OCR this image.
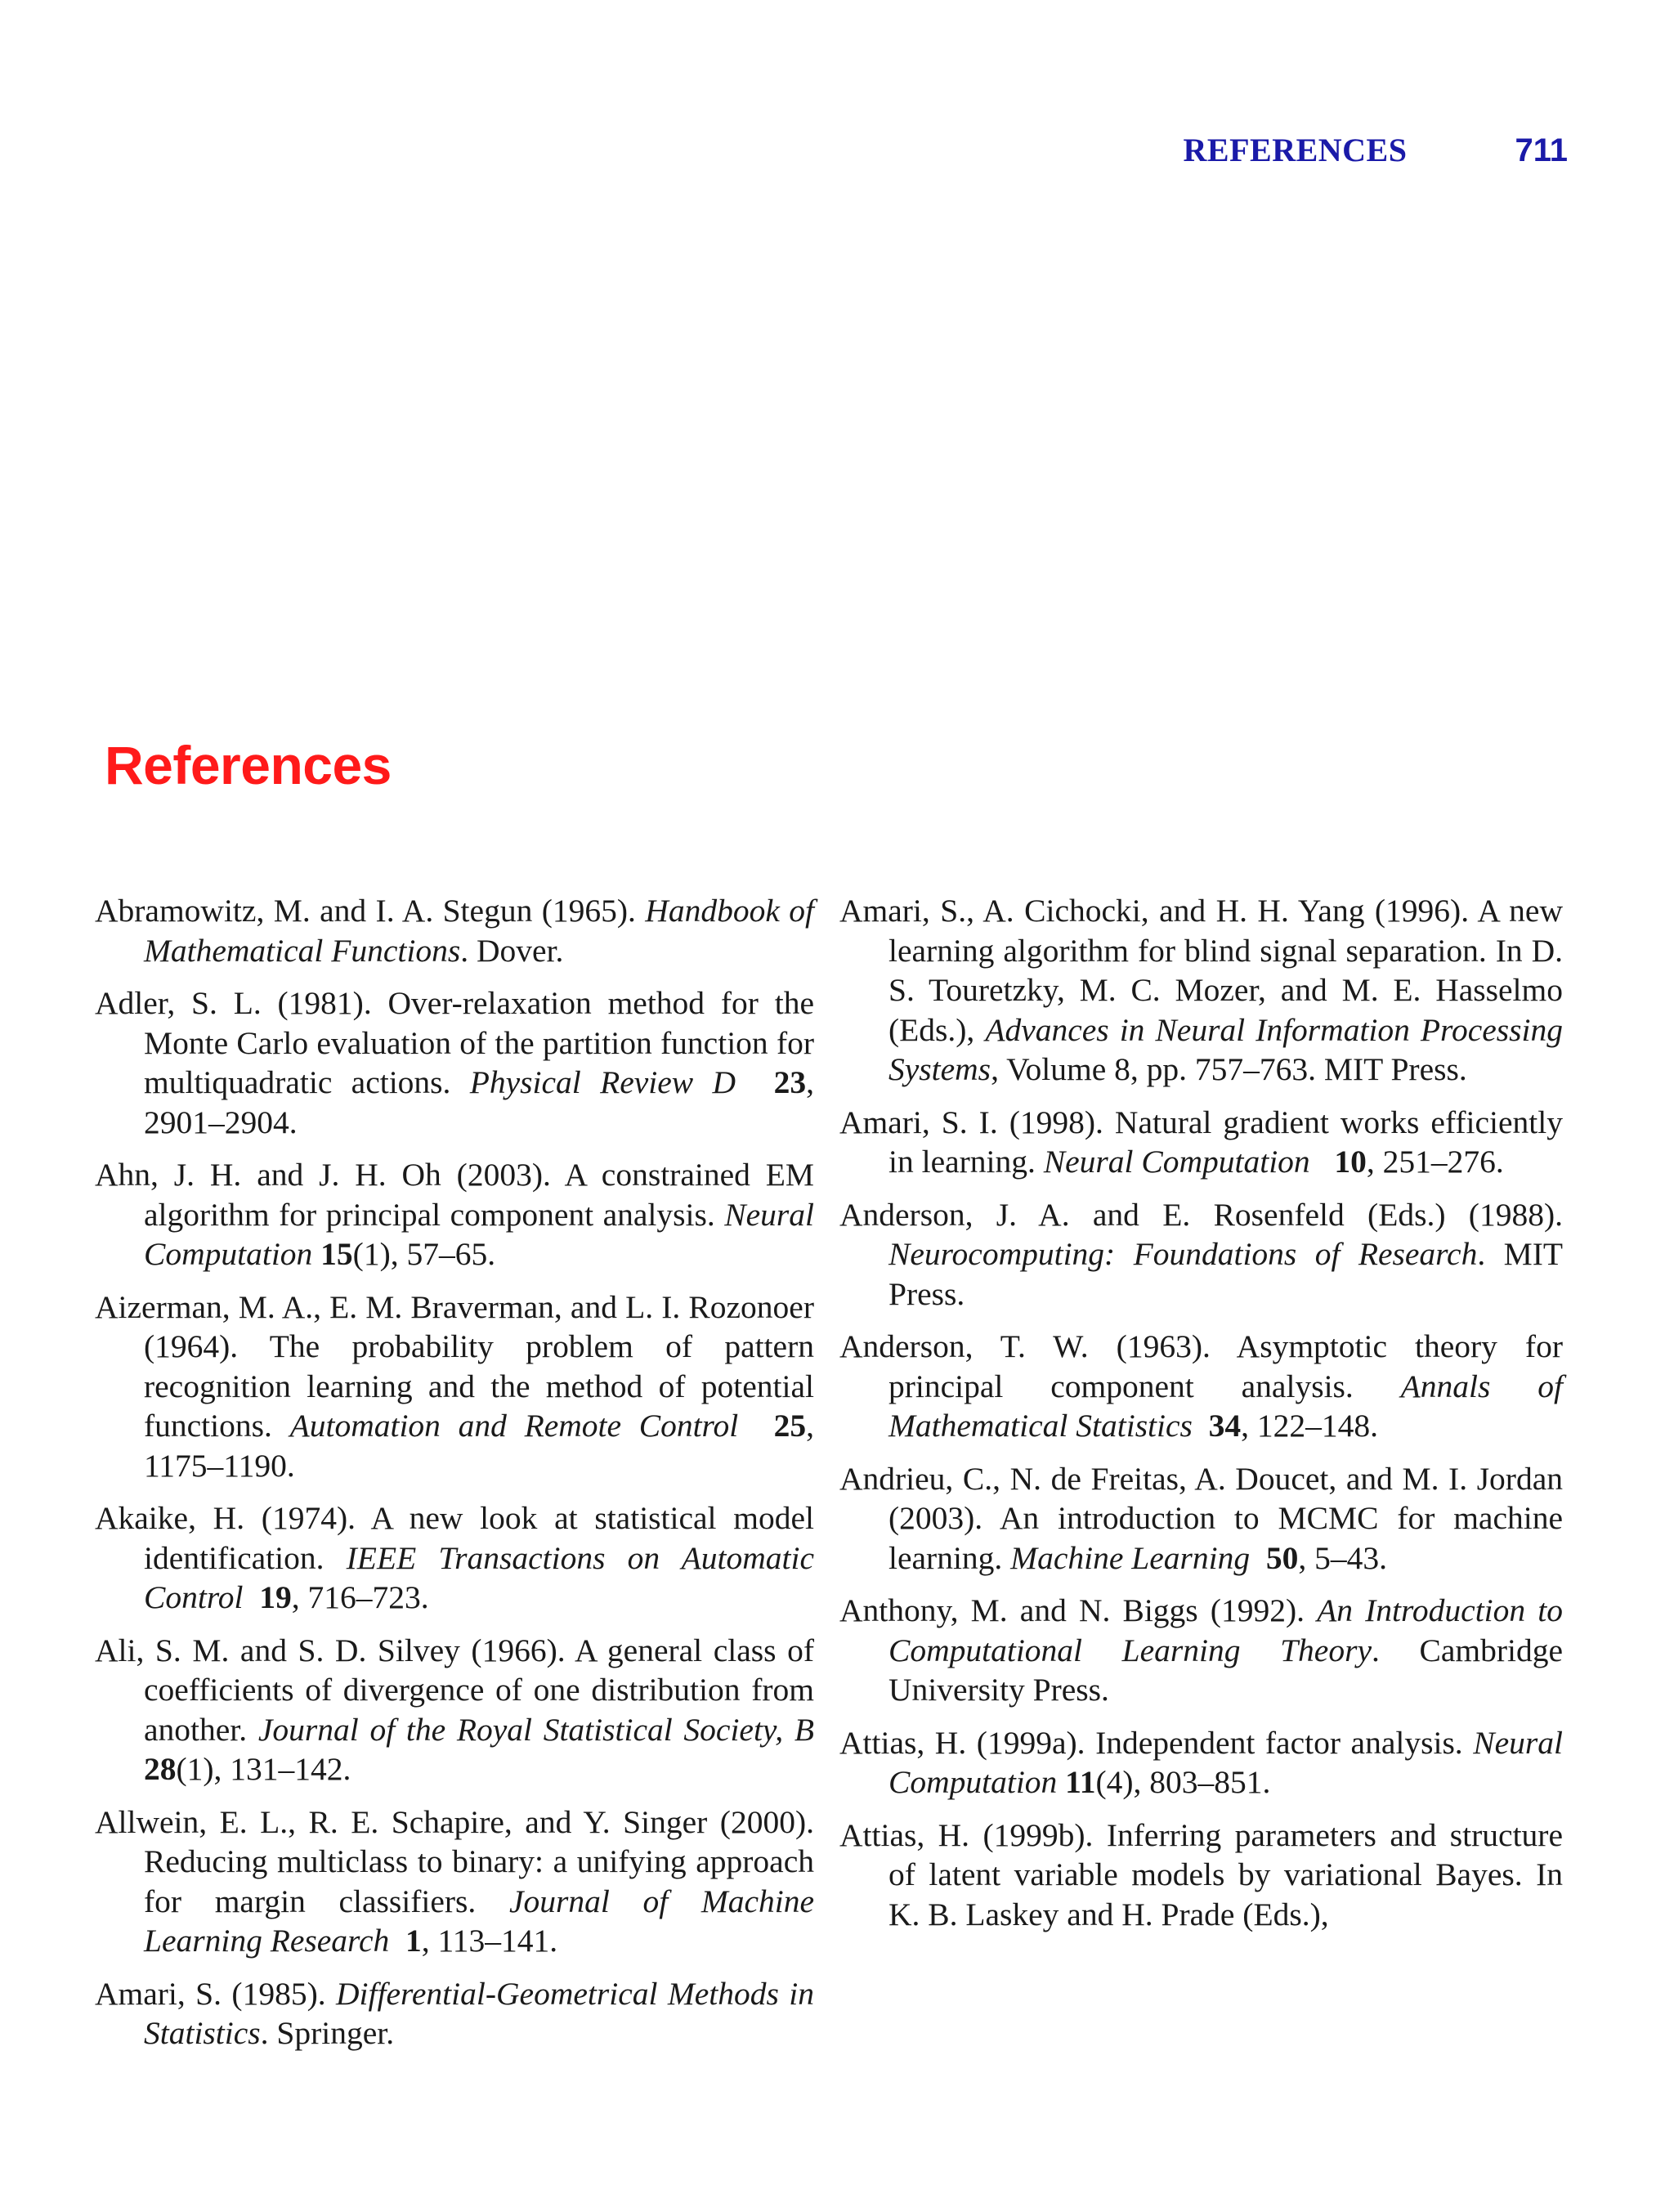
REFERENCES	711
References

Abramowitz, M. and I. A. Stegun (1965). Handbook of Mathematical Functions. Dover.

Adler, S. L. (1981). Over-relaxation method for the Monte Carlo evaluation of the partition function for multiquadratic actions. Physical Review D 23, 2901–2904.

Ahn, J. H. and J. H. Oh (2003). A constrained EM algorithm for principal component analysis. Neural Computation 15(1), 57–65.

Aizerman, M. A., E. M. Braverman, and L. I. Rozonoer (1964). The probability problem of pattern recognition learning and the method of potential functions. Automation and Remote Control 25, 1175–1190.

Akaike, H. (1974). A new look at statistical model identification. IEEE Transactions on Automatic Control 19, 716–723.

Ali, S. M. and S. D. Silvey (1966). A general class of coefficients of divergence of one distribution from another. Journal of the Royal Statistical Society, B 28(1), 131–142.

Allwein, E. L., R. E. Schapire, and Y. Singer (2000). Reducing multiclass to binary: a unifying approach for margin classifiers. Journal of Machine Learning Research 1, 113–141.

Amari, S. (1985). Differential-Geometrical Methods in Statistics. Springer.

Amari, S., A. Cichocki, and H. H. Yang (1996). A new learning algorithm for blind signal separation. In D. S. Touretzky, M. C. Mozer, and M. E. Hasselmo (Eds.), Advances in Neural Information Processing Systems, Volume 8, pp. 757–763. MIT Press.

Amari, S. I. (1998). Natural gradient works efficiently in learning. Neural Computation 10, 251–276.

Anderson, J. A. and E. Rosenfeld (Eds.) (1988). Neurocomputing: Foundations of Research. MIT Press.

Anderson, T. W. (1963). Asymptotic theory for principal component analysis. Annals of Mathematical Statistics 34, 122–148.

Andrieu, C., N. de Freitas, A. Doucet, and M. I. Jordan (2003). An introduction to MCMC for machine learning. Machine Learning 50, 5–43.

Anthony, M. and N. Biggs (1992). An Introduction to Computational Learning Theory. Cambridge University Press.

Attias, H. (1999a). Independent factor analysis. Neural Computation 11(4), 803–851.

Attias, H. (1999b). Inferring parameters and structure of latent variable models by variational Bayes. In K. B. Laskey and H. Prade (Eds.),
